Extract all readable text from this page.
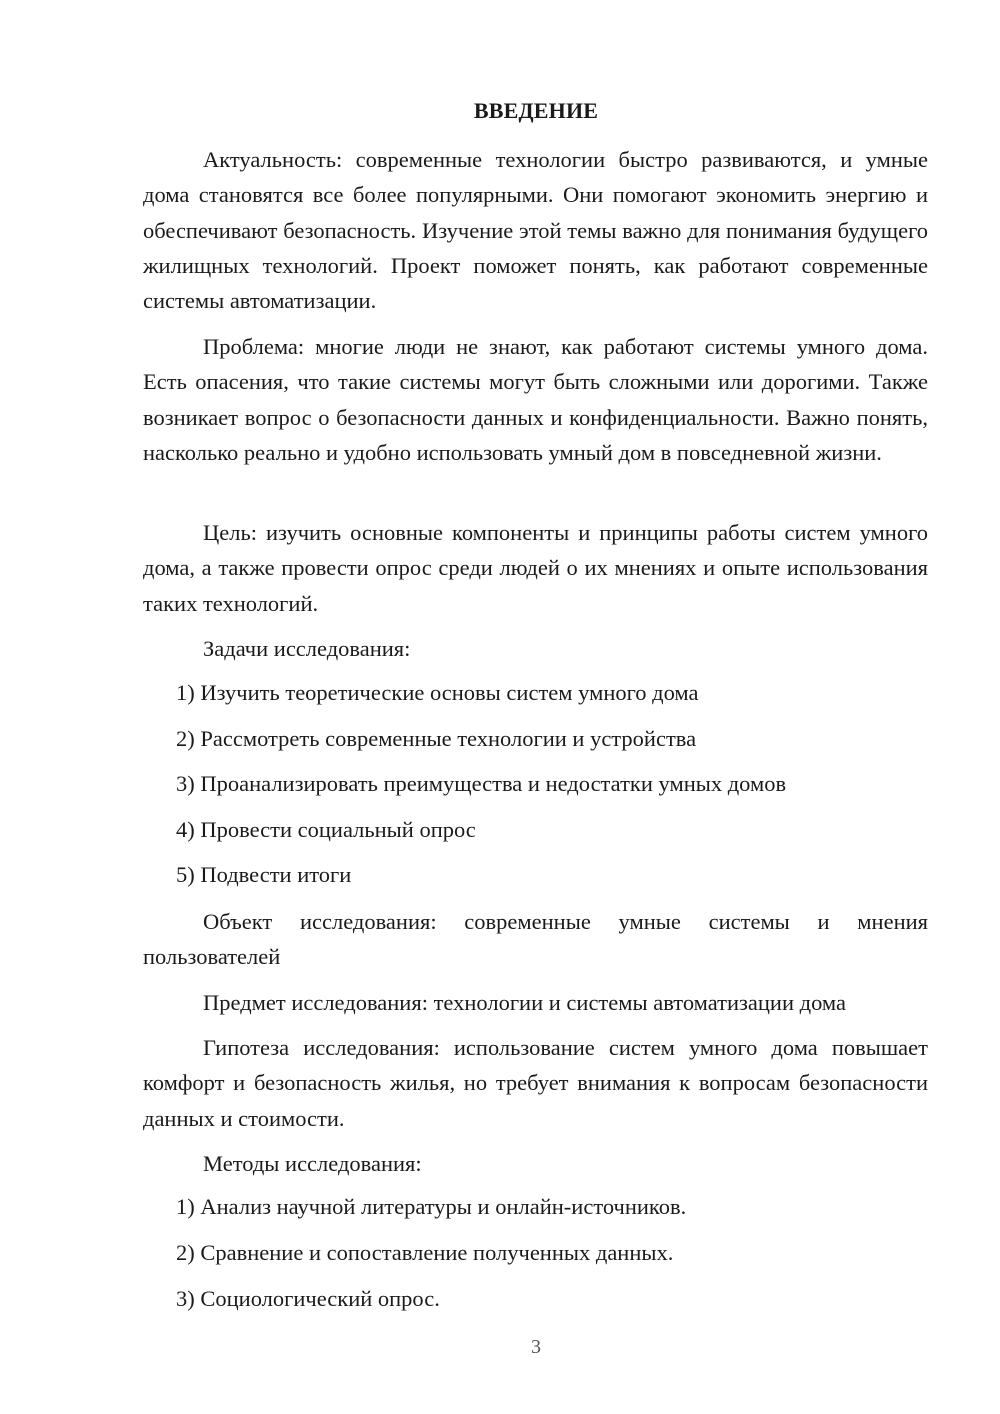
ВВЕДЕНИЕ

Актуальность: современные технологии быстро развиваются, и умные дома становятся все более популярными. Они помогают экономить энергию и обеспечивают безопасность. Изучение этой темы важно для понимания будущего жилищных технологий. Проект поможет понять, как работают современные системы автоматизации.

Проблема: многие люди не знают, как работают системы умного дома. Есть опасения, что такие системы могут быть сложными или дорогими. Также возникает вопрос о безопасности данных и конфиденциальности. Важно понять, насколько реально и удобно использовать умный дом в повседневной жизни.

Цель: изучить основные компоненты и принципы работы систем умного дома, а также провести опрос среди людей о их мнениях и опыте использования таких технологий.

Задачи исследования:

1) Изучить теоретические основы систем умного дома

2) Рассмотреть современные технологии и устройства

3) Проанализировать преимущества и недостатки умных домов

4) Провести социальный опрос

5) Подвести итоги

Объект исследования: современные умные системы и мнения пользователей

Предмет исследования: технологии и системы автоматизации дома

Гипотеза исследования: использование систем умного дома повышает комфорт и безопасность жилья, но требует внимания к вопросам безопасности данных и стоимости.

Методы исследования:

1) Анализ научной литературы и онлайн-источников.

2) Сравнение и сопоставление полученных данных.

3) Социологический опрос.

3
